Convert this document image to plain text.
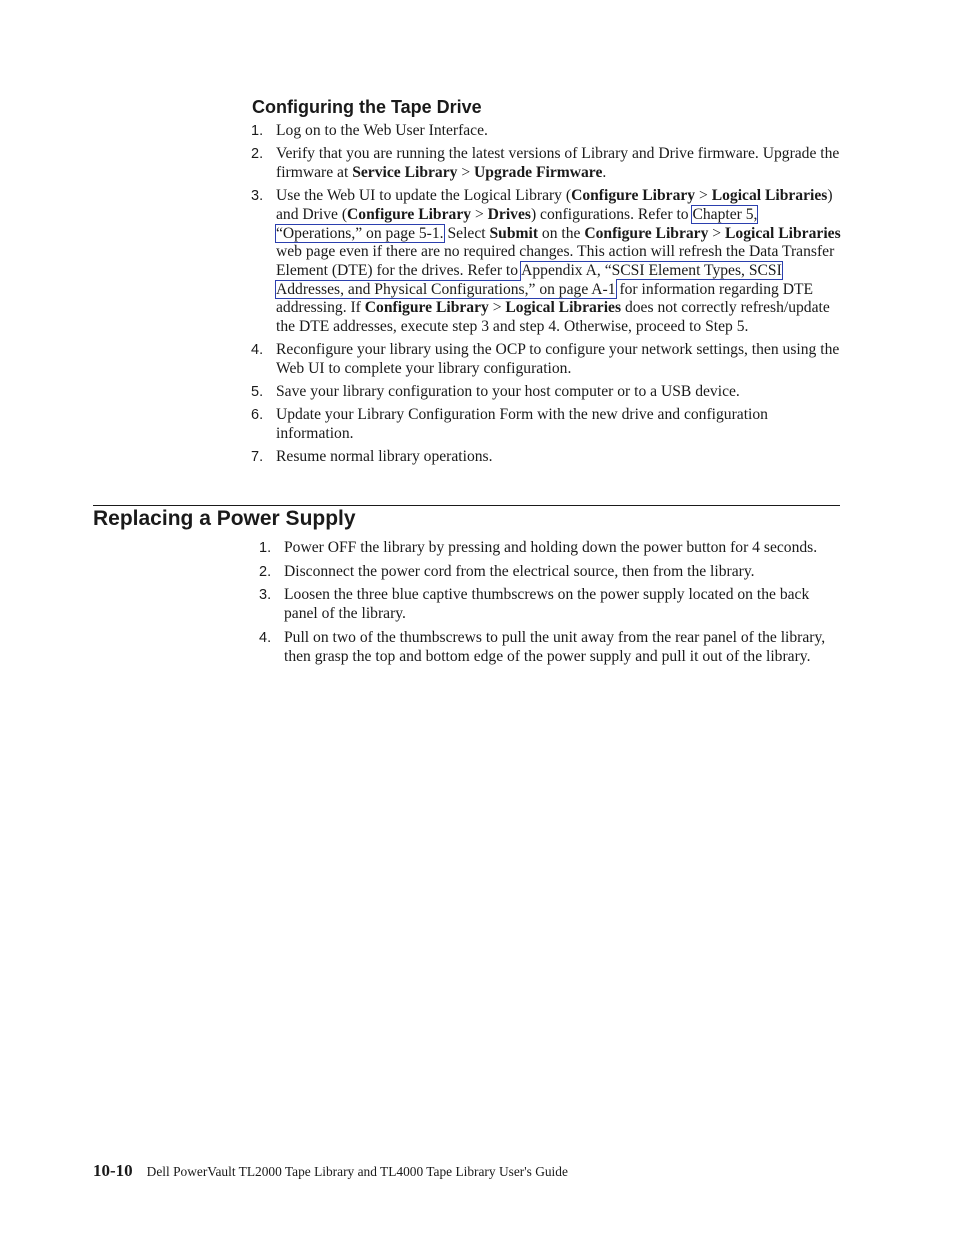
Configuring the Tape Drive
1. Log on to the Web User Interface.
2. Verify that you are running the latest versions of Library and Drive firmware. Upgrade the firmware at Service Library > Upgrade Firmware.
3. Use the Web UI to update the Logical Library (Configure Library > Logical Libraries) and Drive (Configure Library > Drives) configurations. Refer to Chapter 5, “Operations,” on page 5-1. Select Submit on the Configure Library > Logical Libraries web page even if there are no required changes. This action will refresh the Data Transfer Element (DTE) for the drives. Refer to Appendix A, “SCSI Element Types, SCSI Addresses, and Physical Configurations,” on page A-1 for information regarding DTE addressing. If Configure Library > Logical Libraries does not correctly refresh/update the DTE addresses, execute step 3 and step 4. Otherwise, proceed to Step 5.
4. Reconfigure your library using the OCP to configure your network settings, then using the Web UI to complete your library configuration.
5. Save your library configuration to your host computer or to a USB device.
6. Update your Library Configuration Form with the new drive and configuration information.
7. Resume normal library operations.
Replacing a Power Supply
1. Power OFF the library by pressing and holding down the power button for 4 seconds.
2. Disconnect the power cord from the electrical source, then from the library.
3. Loosen the three blue captive thumbscrews on the power supply located on the back panel of the library.
4. Pull on two of the thumbscrews to pull the unit away from the rear panel of the library, then grasp the top and bottom edge of the power supply and pull it out of the library.
10-10 Dell PowerVault TL2000 Tape Library and TL4000 Tape Library User's Guide
